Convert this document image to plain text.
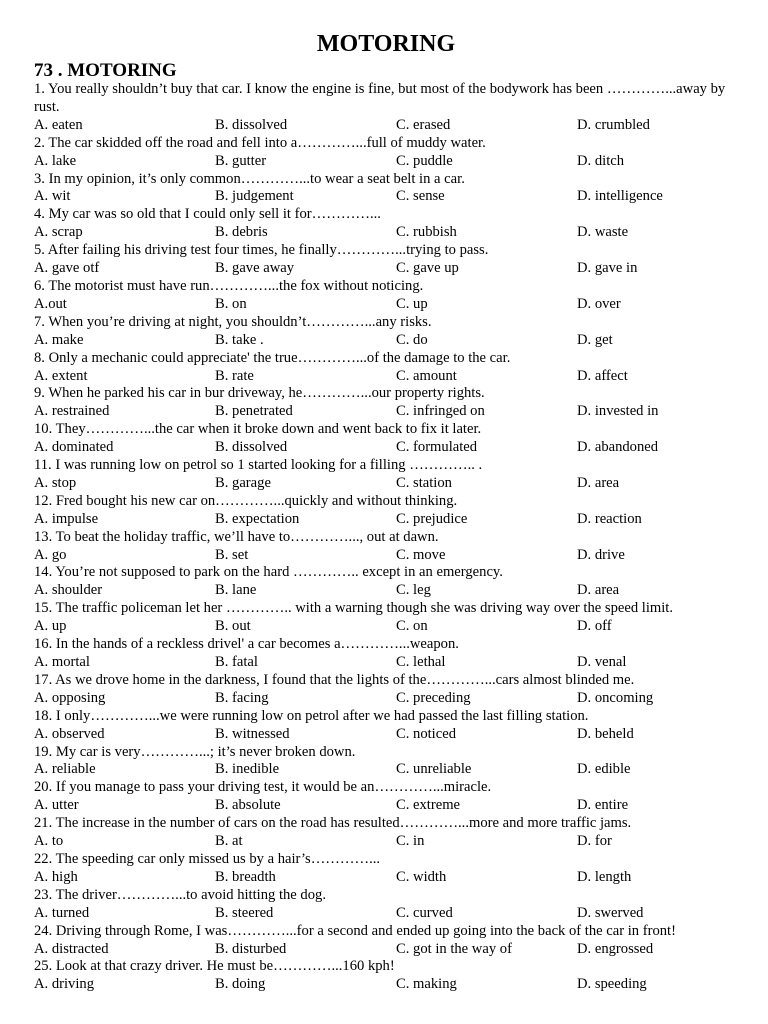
MOTORING
73 . MOTORING

1. You really shouldn’t buy that car. I know the engine is fine, but most of the bodywork has been …………...away by rust.

A. eaten	B. dissolved	C. erased	D. crumbled

2. The car skidded off the road and fell into a…………...full of muddy water.

A. lake	B. gutter	C. puddle	D. ditch

3. In my opinion, it’s only common…………...to wear a seat belt in a car.

A. wit	B. judgement	C. sense	D. intelligence

4. My car was so old that I could only sell it for…………...

A. scrap	B. debris	C. rubbish	D. waste

5. After failing his driving test four times, he finally…………...trying to pass.

A. gave otf	B. gave away	C. gave up	D. gave in

6. The motorist must have run…………...the fox without noticing.

A.out	B. on	C. up	D. over

7. When you’re driving at night, you shouldn’t…………...any risks.

A. make	B. take .	C. do	D. get

8. Only a mechanic could appreciate' the true…………...of the damage to the car.

A. extent	B. rate	C. amount	D. affect

9. When he parked his car in bur driveway, he…………...our property rights.

A. restrained	B. penetrated	C. infringed on	D. invested in

10. They…………...the car when it broke down and went back to fix it later.

A. dominated	B. dissolved	C. formulated	D. abandoned

11. I was running low on petrol so 1 started looking for a filling ………….. .

A. stop	B. garage	C. station	D. area

12. Fred bought his new car on…………...quickly and without thinking.

A. impulse	B. expectation	C. prejudice	D. reaction

13. To beat the holiday traffic, we’ll have to…………..., out at dawn.

A. go	B. set	C. move	D. drive

14. You’re not supposed to park on the hard ………….. except in an emergency.

A. shoulder	B. lane	C. leg	D. area

15. The traffic policeman let her ………….. with a warning though she was driving way over the speed limit.

A. up	B. out	C. on	D. off

16. In the hands of a reckless drivel' a car becomes a…………...weapon.

A. mortal	B. fatal	C. lethal	D. venal

17. As we drove home in the darkness, I found that the lights of the…………...cars almost blinded me.

A. opposing	B. facing	C. preceding	D. oncoming

18. I only…………...we were running low on petrol after we had passed the last filling station.

A. observed	B. witnessed	C. noticed	D. beheld

19. My car is very…………...; it’s never broken down.

A. reliable	B. inedible	C. unreliable	D. edible

20. If you manage to pass your driving test, it would be an…………...miracle.

A. utter	B. absolute	C. extreme	D. entire

21. The increase in the number of cars on the road has resulted…………...more and more traffic jams.

A. to	B. at	C. in	D. for

22. The speeding car only missed us by a hair’s…………...

A. high	B. breadth	C. width	D. length

23. The driver…………...to avoid hitting the dog.

A. turned	B. steered	C. curved	D. swerved

24. Driving through Rome, I was…………...for a second and ended up going into the back of the car in front!

A. distracted	B. disturbed	C. got in the way of	D. engrossed

25. Look at that crazy driver. He must be…………...160 kph!

A. driving	B. doing	C. making	D. speeding
